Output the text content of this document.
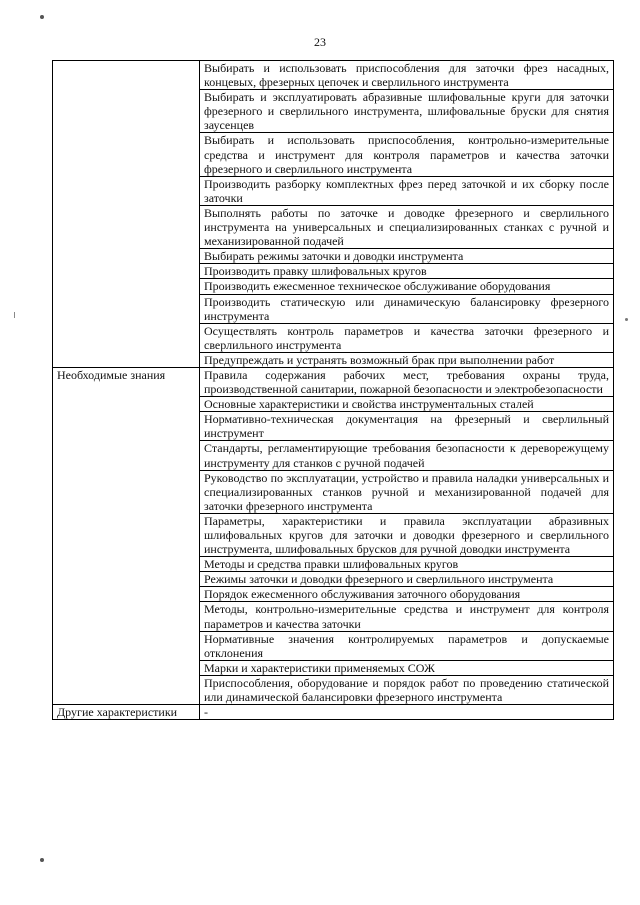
23
	Выбирать и использовать приспособления для заточки фрез насадных, концевых, фрезерных цепочек и сверлильного инструмента
	Выбирать и эксплуатировать абразивные шлифовальные круги для заточки фрезерного и сверлильного инструмента, шлифовальные бруски для снятия заусенцев
	Выбирать и использовать приспособления, контрольно-измерительные средства и инструмент для контроля параметров и качества заточки фрезерного и сверлильного инструмента
	Производить разборку комплектных фрез перед заточкой и их сборку после заточки
	Выполнять работы по заточке и доводке фрезерного и сверлильного инструмента на универсальных и специализированных станках с ручной и механизированной подачей
	Выбирать режимы заточки и доводки инструмента
	Производить правку шлифовальных кругов
	Производить ежесменное техническое обслуживание оборудования
	Производить статическую или динамическую балансировку фрезерного инструмента
	Осуществлять контроль параметров и качества заточки фрезерного и сверлильного инструмента
	Предупреждать и устранять возможный брак при выполнении работ
Необходимые знания	Правила содержания рабочих мест, требования охраны труда, производственной санитарии, пожарной безопасности и электробезопасности
	Основные характеристики и свойства инструментальных сталей
	Нормативно-техническая документация на фрезерный и сверлильный инструмент
	Стандарты, регламентирующие требования безопасности к дереворежущему инструменту для станков с ручной подачей
	Руководство по эксплуатации, устройство и правила наладки универсальных и специализированных станков ручной и механизированной подачей для заточки фрезерного инструмента
	Параметры, характеристики и правила эксплуатации абразивных шлифовальных кругов для заточки и доводки фрезерного и сверлильного инструмента, шлифовальных брусков для ручной доводки инструмента
	Методы и средства правки шлифовальных кругов
	Режимы заточки и доводки фрезерного и сверлильного инструмента
	Порядок ежесменного обслуживания заточного оборудования
	Методы, контрольно-измерительные средства и инструмент для контроля параметров и качества заточки
	Нормативные значения контролируемых параметров и допускаемые отклонения
	Марки и характеристики применяемых СОЖ
	Приспособления, оборудование и порядок работ по проведению статической или динамической балансировки фрезерного инструмента
Другие характеристики	-
